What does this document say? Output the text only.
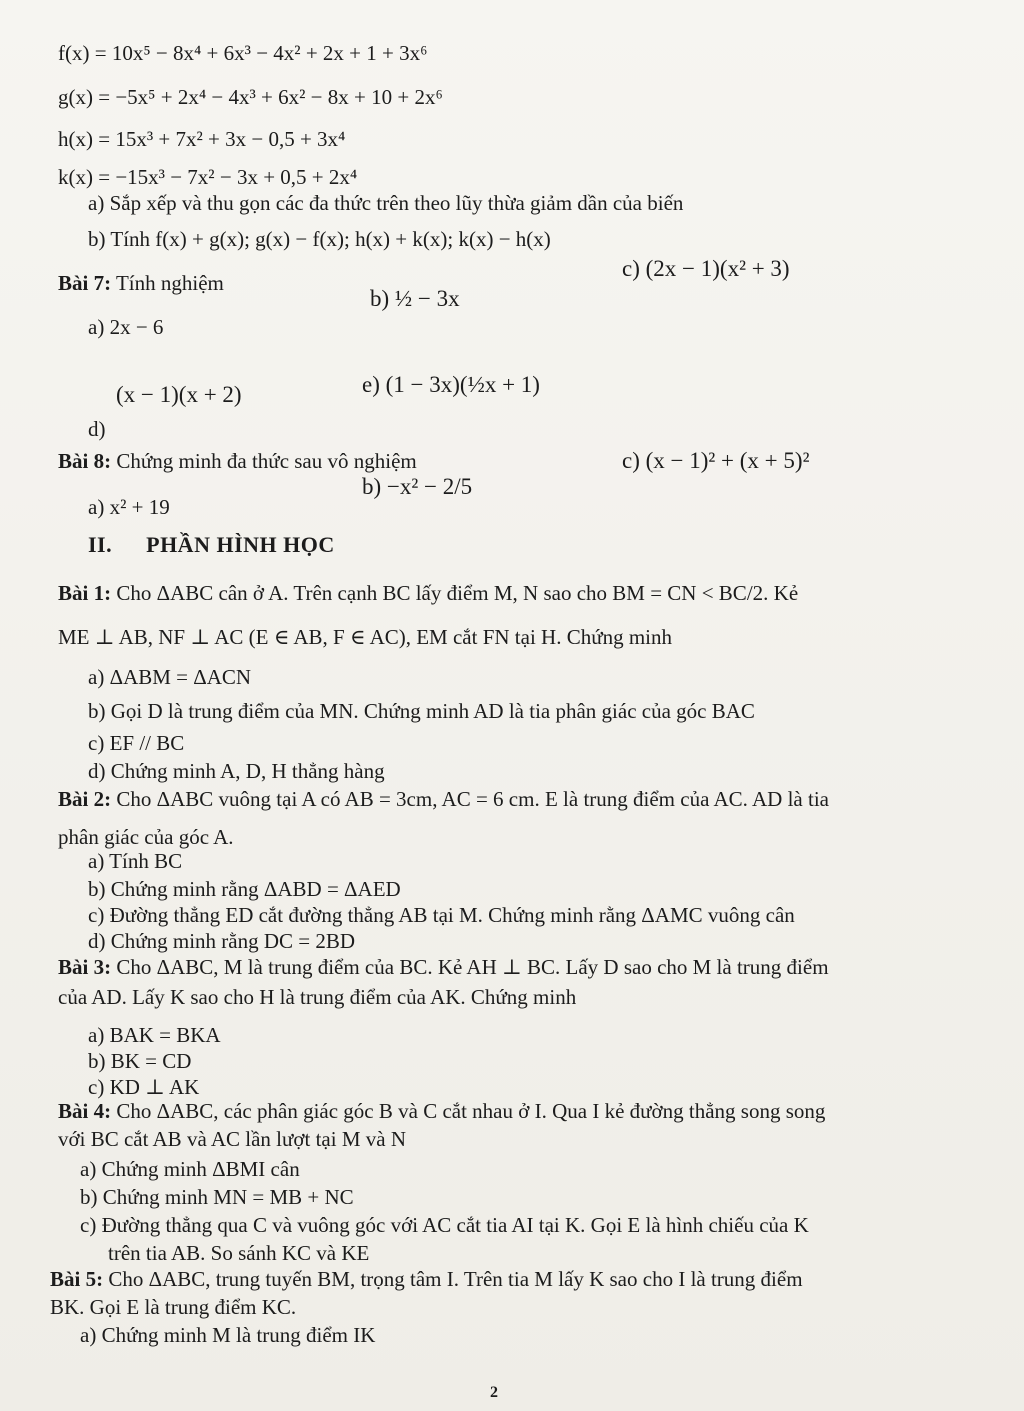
f(x) = 10x⁵ − 8x⁴ + 6x³ − 4x² + 2x + 1 + 3x⁶
g(x) = −5x⁵ + 2x⁴ − 4x³ + 6x² − 8x + 10 + 2x⁶
h(x) = 15x³ + 7x² + 3x − 0,5 + 3x⁴
k(x) = −15x³ − 7x² − 3x + 0,5 + 2x⁴
a) Sắp xếp và thu gọn các đa thức trên theo lũy thừa giảm dần của biến
b) Tính f(x) + g(x); g(x) − f(x); h(x) + k(x); k(x) − h(x)
Bài 7: Tính nghiệm
a) 2x − 6
b) ½ − 3x
c) (2x − 1)(x² + 3)
(x − 1)(x + 2)
d)
e) (1 − 3x)(½x + 1)
Bài 8: Chứng minh đa thức sau vô nghiệm
a) x² + 19
b) −x² − 2/5
c) (x − 1)² + (x + 5)²
II. PHẦN HÌNH HỌC
Bài 1: Cho ΔABC cân ở A. Trên cạnh BC lấy điểm M, N sao cho BM = CN < BC/2. Kẻ
ME ⊥ AB, NF ⊥ AC (E ∈ AB, F ∈ AC), EM cắt FN tại H. Chứng minh
a) ΔABM = ΔACN
b) Gọi D là trung điểm của MN. Chứng minh AD là tia phân giác của góc BAC
c) EF // BC
d) Chứng minh A, D, H thẳng hàng
Bài 2: Cho ΔABC vuông tại A có AB = 3cm, AC = 6 cm. E là trung điểm của AC. AD là tia
phân giác của góc A.
a) Tính BC
b) Chứng minh rằng ΔABD = ΔAED
c) Đường thẳng ED cắt đường thẳng AB tại M. Chứng minh rằng ΔAMC vuông cân
d) Chứng minh rằng DC = 2BD
Bài 3: Cho ΔABC, M là trung điểm của BC. Kẻ AH ⊥ BC. Lấy D sao cho M là trung điểm
của AD. Lấy K sao cho H là trung điểm của AK. Chứng minh
a) BAK = BKA
b) BK = CD
c) KD ⊥ AK
Bài 4: Cho ΔABC, các phân giác góc B và C cắt nhau ở I. Qua I kẻ đường thẳng song song
với BC cắt AB và AC lần lượt tại M và N
a) Chứng minh ΔBMI cân
b) Chứng minh MN = MB + NC
c) Đường thẳng qua C và vuông góc với AC cắt tia AI tại K. Gọi E là hình chiếu của K
trên tia AB. So sánh KC và KE
Bài 5: Cho ΔABC, trung tuyến BM, trọng tâm I. Trên tia M lấy K sao cho I là trung điểm
BK. Gọi E là trung điểm KC.
a) Chứng minh M là trung điểm IK
2
